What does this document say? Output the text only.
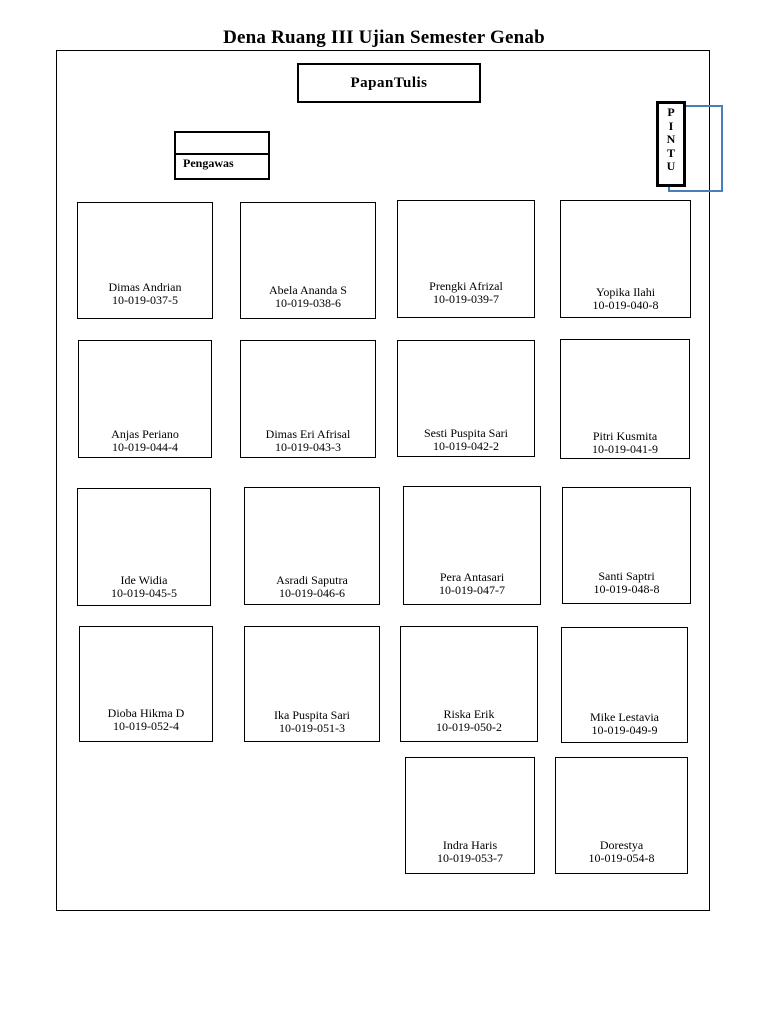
Dena Ruang III Ujian Semester Genab
PapanTulis
Pengawas
P
I
N
T
U
Dimas Andrian
10-019-037-5
Abela Ananda S
10-019-038-6
Prengki Afrizal
10-019-039-7	Yopika Ilahi
10-019-040-8
Anjas Periano
10-019-044-4
Dimas Eri Afrisal
10-019-043-3
Sesti Puspita Sari
10-019-042-2
Pitri Kusmita
10-019-041-9
Ide Widia
10-019-045-5
Asradi Saputra
10-019-046-6
Pera Antasari
10-019-047-7
Santi Saptri
10-019-048-8
Dioba Hikma D
10-019-052-4
Ika Puspita Sari
10-019-051-3
Riska Erik
10-019-050-2
Mike Lestavia
10-019-049-9
Indra Haris
10-019-053-7
Dorestya
10-019-054-8
